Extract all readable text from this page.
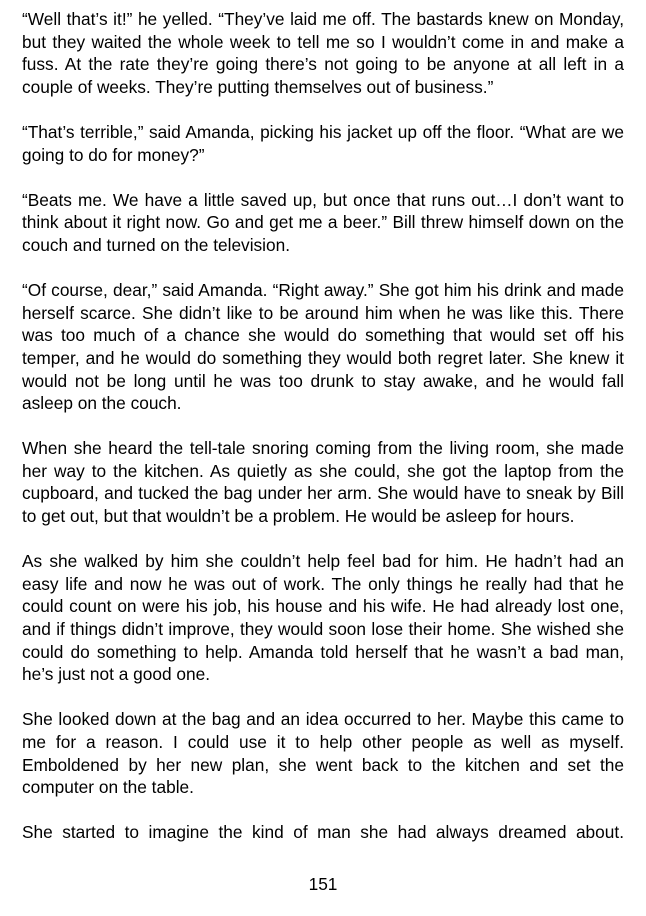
“Well that’s it!” he yelled. “They’ve laid me off. The bastards knew on Monday, but they waited the whole week to tell me so I wouldn’t come in and make a fuss. At the rate they’re going there’s not going to be anyone at all left in a couple of weeks. They’re putting themselves out of business.”

“That’s terrible,” said Amanda, picking his jacket up off the floor. “What are we going to do for money?”

“Beats me. We have a little saved up, but once that runs out…I don’t want to think about it right now. Go and get me a beer.” Bill threw himself down on the couch and turned on the television.

“Of course, dear,” said Amanda. “Right away.” She got him his drink and made herself scarce. She didn’t like to be around him when he was like this. There was too much of a chance she would do something that would set off his temper, and he would do something they would both regret later. She knew it would not be long until he was too drunk to stay awake, and he would fall asleep on the couch.

When she heard the tell-tale snoring coming from the living room, she made her way to the kitchen. As quietly as she could, she got the laptop from the cupboard, and tucked the bag under her arm. She would have to sneak by Bill to get out, but that wouldn’t be a problem. He would be asleep for hours.

As she walked by him she couldn’t help feel bad for him. He hadn’t had an easy life and now he was out of work. The only things he really had that he could count on were his job, his house and his wife. He had already lost one, and if things didn’t improve, they would soon lose their home. She wished she could do something to help. Amanda told herself that he wasn’t a bad man, he’s just not a good one.

She looked down at the bag and an idea occurred to her. Maybe this came to me for a reason. I could use it to help other people as well as myself. Emboldened by her new plan, she went back to the kitchen and set the computer on the table.

She started to imagine the kind of man she had always dreamed about.

151
